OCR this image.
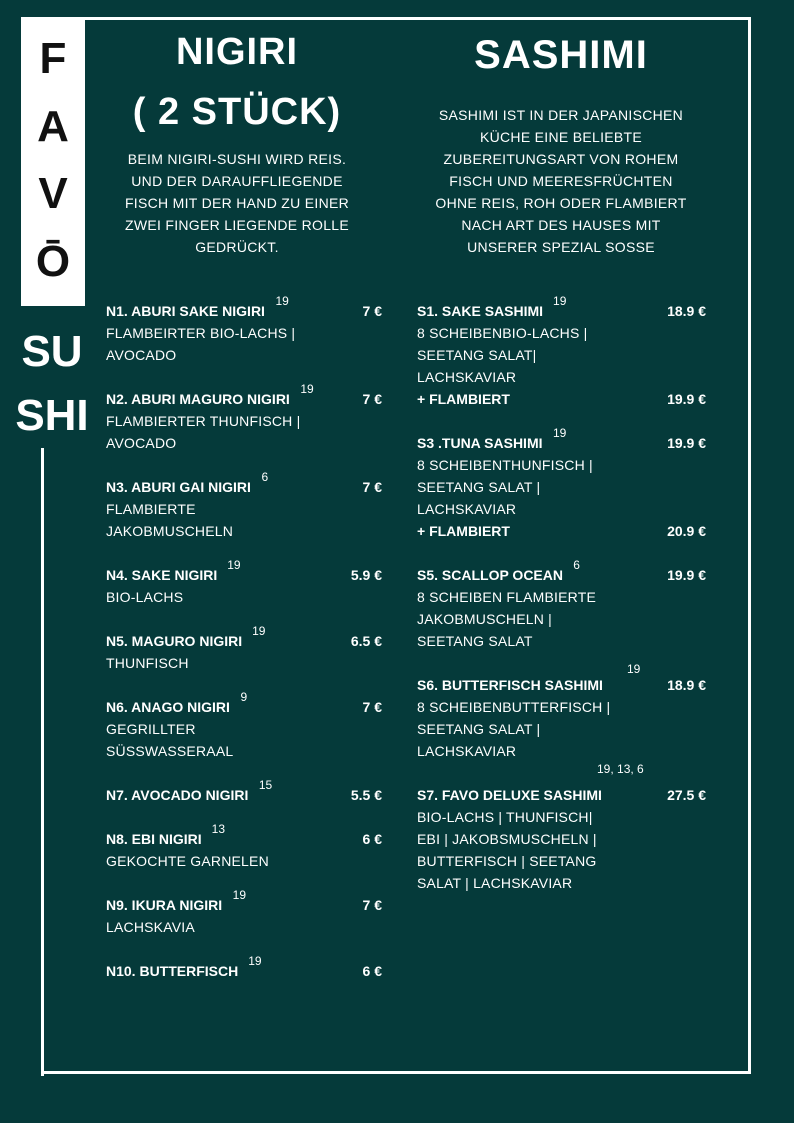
F
A
V
Ō
SU
SHI
NIGIRI
( 2 STÜCK)
BEIM NIGIRI-SUSHI WIRD REIS.
UND DER DARAUFFLIEGENDE
FISCH MIT DER HAND ZU EINER
ZWEI FINGER LIEGENDE ROLLE
GEDRÜCKT.
SASHIMI
SASHIMI IST IN DER JAPANISCHEN
KÜCHE EINE BELIEBTE
ZUBEREITUNGSART VON ROHEM
FISCH UND MEERESFRÜCHTEN
OHNE REIS, ROH ODER FLAMBIERT
NACH ART DES HAUSES MIT
UNSERER SPEZIAL SOSSE
N1. ABURI SAKE NIGIRI	7 €
19
FLAMBEIRTER BIO-LACHS |
AVOCADO
N2. ABURI MAGURO NIGIRI	7 €
19
FLAMBIERTER THUNFISCH |
AVOCADO
N3. ABURI GAI NIGIRI	7 €
6
FLAMBIERTE
JAKOBMUSCHELN
N4. SAKE NIGIRI	5.9 €
19
BIO-LACHS
N5. MAGURO NIGIRI	6.5 €
19
THUNFISCH
N6. ANAGO NIGIRI	7 €
9
GEGRILLTER
SÜSSWASSERAAL
N7. AVOCADO NIGIRI	5.5 €
15
N8. EBI NIGIRI	6 €
13
GEKOCHTE GARNELEN
N9. IKURA NIGIRI	7 €
19
LACHSKAVIA
N10. BUTTERFISCH	6 €
19
S1. SAKE SASHIMI	18.9 €
19
8 SCHEIBENBIO-LACHS |
SEETANG SALAT|
LACHSKAVIAR
+ FLAMBIERT	19.9 €
S3 .TUNA SASHIMI	19.9 €
19
8 SCHEIBENTHUNFISCH |
SEETANG SALAT |
LACHSKAVIAR
+ FLAMBIERT	20.9 €
S5. SCALLOP OCEAN	19.9 €
6
8 SCHEIBEN FLAMBIERTE
JAKOBMUSCHELN |
SEETANG SALAT
S6. BUTTERFISCH SASHIMI	18.9 €
19
8 SCHEIBENBUTTERFISCH |
SEETANG SALAT |
LACHSKAVIAR
S7. FAVO DELUXE SASHIMI	27.5 €
19, 13, 6
BIO-LACHS | THUNFISCH|
EBI | JAKOBSMUSCHELN |
BUTTERFISCH | SEETANG
SALAT | LACHSKAVIAR
